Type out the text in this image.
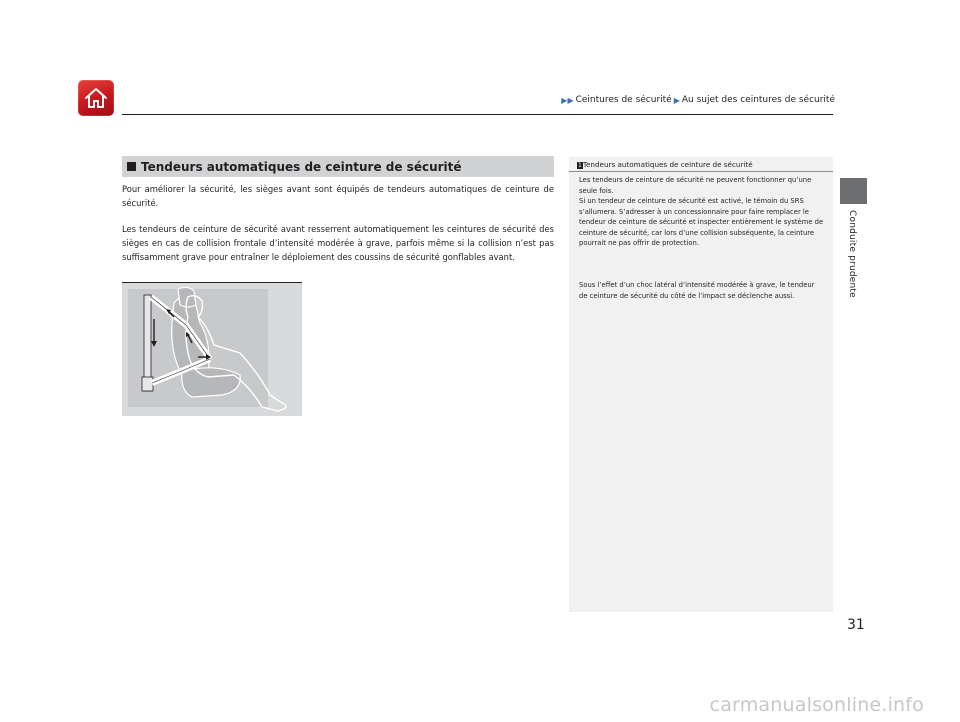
▶▶ Ceintures de sécurité ▶ Au sujet des ceintures de sécurité
Conduite prudente
Tendeurs automatiques de ceinture de sécurité
Pour améliorer la sécurité, les sièges avant sont équipés de tendeurs automatiques de ceinture de sécurité.
Les tendeurs de ceinture de sécurité avant resserrent automatiquement les ceintures de sécurité des sièges en cas de collision frontale d’intensité modérée à grave, parfois même si la collision n’est pas suffisamment grave pour entraîner le déploiement des coussins de sécurité gonflables avant.
1Tendeurs automatiques de ceinture de sécurité
Les tendeurs de ceinture de sécurité ne peuvent fonctionner qu’une seule fois.
Si un tendeur de ceinture de sécurité est activé, le témoin du SRS s’allumera. S’adresser à un concessionnaire pour faire remplacer le tendeur de ceinture de sécurité et inspecter entièrement le système de ceinture de sécurité, car lors d’une collision subséquente, la ceinture pourrait ne pas offrir de protection.
Sous l’effet d’un choc latéral d’intensité modérée à grave, le tendeur de ceinture de sécurité du côté de l’impact se déclenche aussi.
31
carmanualsonline.info
